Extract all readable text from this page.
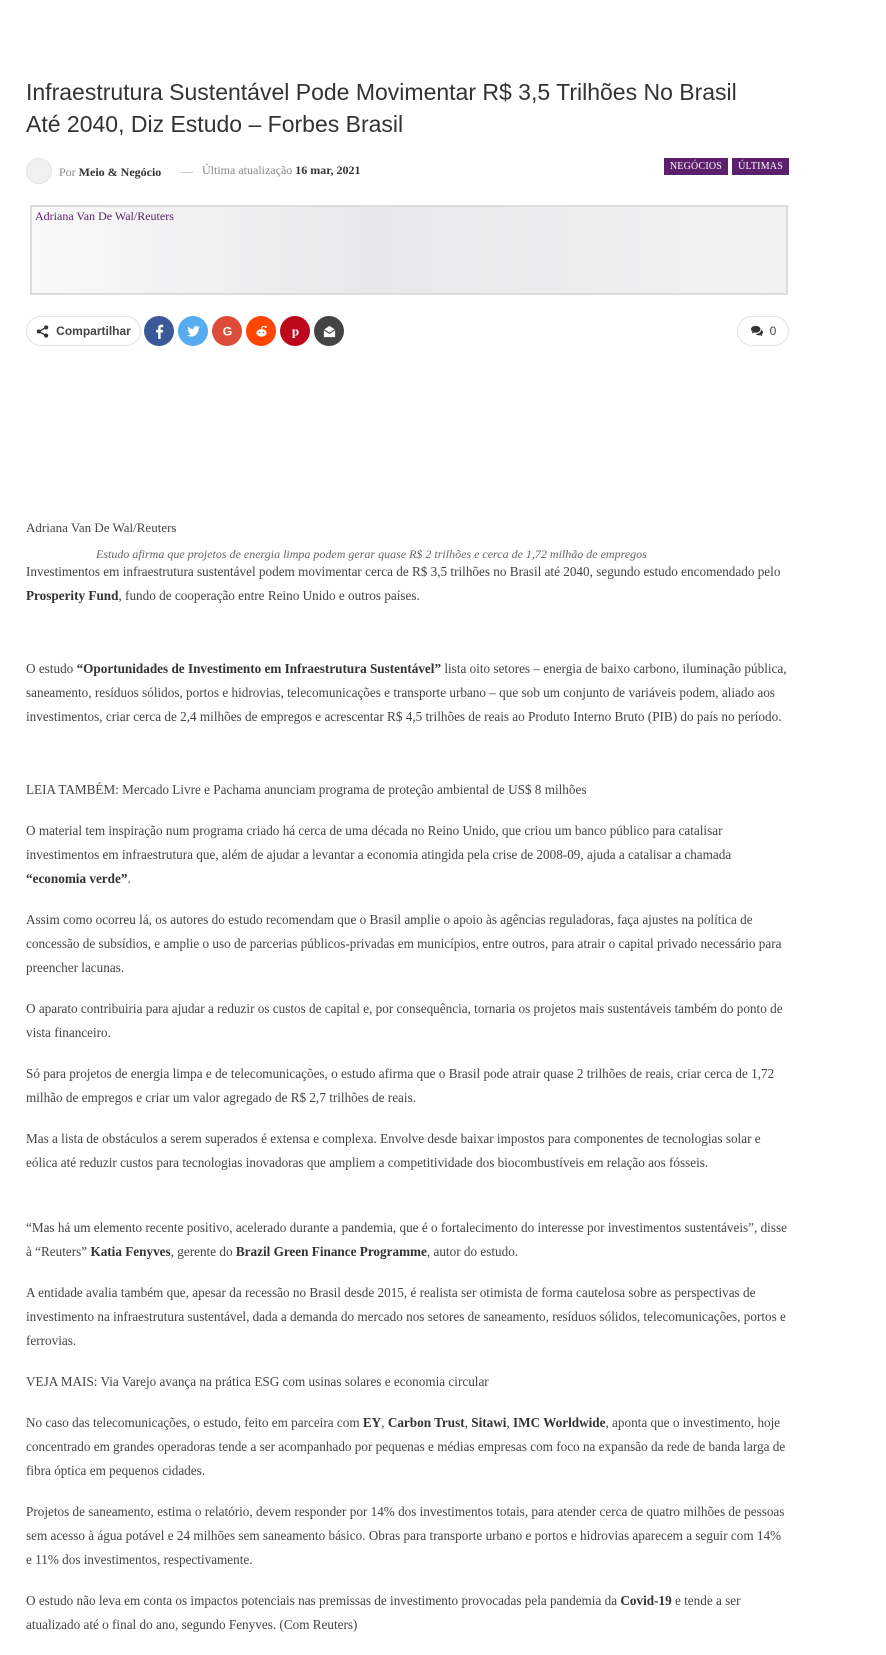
Infraestrutura Sustentável Pode Movimentar R$ 3,5 Trilhões No Brasil Até 2040, Diz Estudo – Forbes Brasil
Por Meio & Negócio — Última atualização 16 mar, 2021	NEGÓCIOS ÚLTIMAS
Adriana Van De Wal/Reuters
Compartilhar	G	p	0
Adriana Van De Wal/Reuters
Estudo afirma que projetos de energia limpa podem gerar quase R$ 2 trilhões e cerca de 1,72 milhão de empregos

Investimentos em infraestrutura sustentável podem movimentar cerca de R$ 3,5 trilhões no Brasil até 2040, segundo estudo encomendado pelo Prosperity Fund, fundo de cooperação entre Reino Unido e outros países.

O estudo “Oportunidades de Investimento em Infraestrutura Sustentável” lista oito setores – energia de baixo carbono, iluminação pública, saneamento, resíduos sólidos, portos e hidrovias, telecomunicações e transporte urbano – que sob um conjunto de variáveis podem, aliado aos investimentos, criar cerca de 2,4 milhões de empregos e acrescentar R$ 4,5 trilhões de reais ao Produto Interno Bruto (PIB) do país no período.

LEIA TAMBÉM: Mercado Livre e Pachama anunciam programa de proteção ambiental de US$ 8 milhões

O material tem inspiração num programa criado há cerca de uma década no Reino Unido, que criou um banco público para catalisar investimentos em infraestrutura que, além de ajudar a levantar a economia atingida pela crise de 2008-09, ajuda a catalisar a chamada “economia verde”.

Assim como ocorreu lá, os autores do estudo recomendam que o Brasil amplie o apoio às agências reguladoras, faça ajustes na política de concessão de subsídios, e amplie o uso de parcerias públicos-privadas em municípios, entre outros, para atrair o capital privado necessário para preencher lacunas.

O aparato contribuiria para ajudar a reduzir os custos de capital e, por consequência, tornaria os projetos mais sustentáveis também do ponto de vista financeiro.

Só para projetos de energia limpa e de telecomunicações, o estudo afirma que o Brasil pode atrair quase 2 trilhões de reais, criar cerca de 1,72 milhão de empregos e criar um valor agregado de R$ 2,7 trilhões de reais.

Mas a lista de obstáculos a serem superados é extensa e complexa. Envolve desde baixar impostos para componentes de tecnologias solar e eólica até reduzir custos para tecnologias inovadoras que ampliem a competitividade dos biocombustíveis em relação aos fósseis.

“Mas há um elemento recente positivo, acelerado durante a pandemia, que é o fortalecimento do interesse por investimentos sustentáveis”, disse à “Reuters” Katia Fenyves, gerente do Brazil Green Finance Programme, autor do estudo.

A entidade avalia também que, apesar da recessão no Brasil desde 2015, é realista ser otimista de forma cautelosa sobre as perspectivas de investimento na infraestrutura sustentável, dada a demanda do mercado nos setores de saneamento, resíduos sólidos, telecomunicações, portos e ferrovias.

VEJA MAIS: Via Varejo avança na prática ESG com usinas solares e economia circular

No caso das telecomunicações, o estudo, feito em parceira com EY, Carbon Trust, Sitawi, IMC Worldwide, aponta que o investimento, hoje concentrado em grandes operadoras tende a ser acompanhado por pequenas e médias empresas com foco na expansão da rede de banda larga de fibra óptica em pequenos cidades.

Projetos de saneamento, estima o relatório, devem responder por 14% dos investimentos totais, para atender cerca de quatro milhões de pessoas sem acesso à água potável e 24 milhões sem saneamento básico. Obras para transporte urbano e portos e hidrovias aparecem a seguir com 14% e 11% dos investimentos, respectivamente.

O estudo não leva em conta os impactos potenciais nas premissas de investimento provocadas pela pandemia da Covid-19 e tende a ser atualizado até o final do ano, segundo Fenyves. (Com Reuters)
